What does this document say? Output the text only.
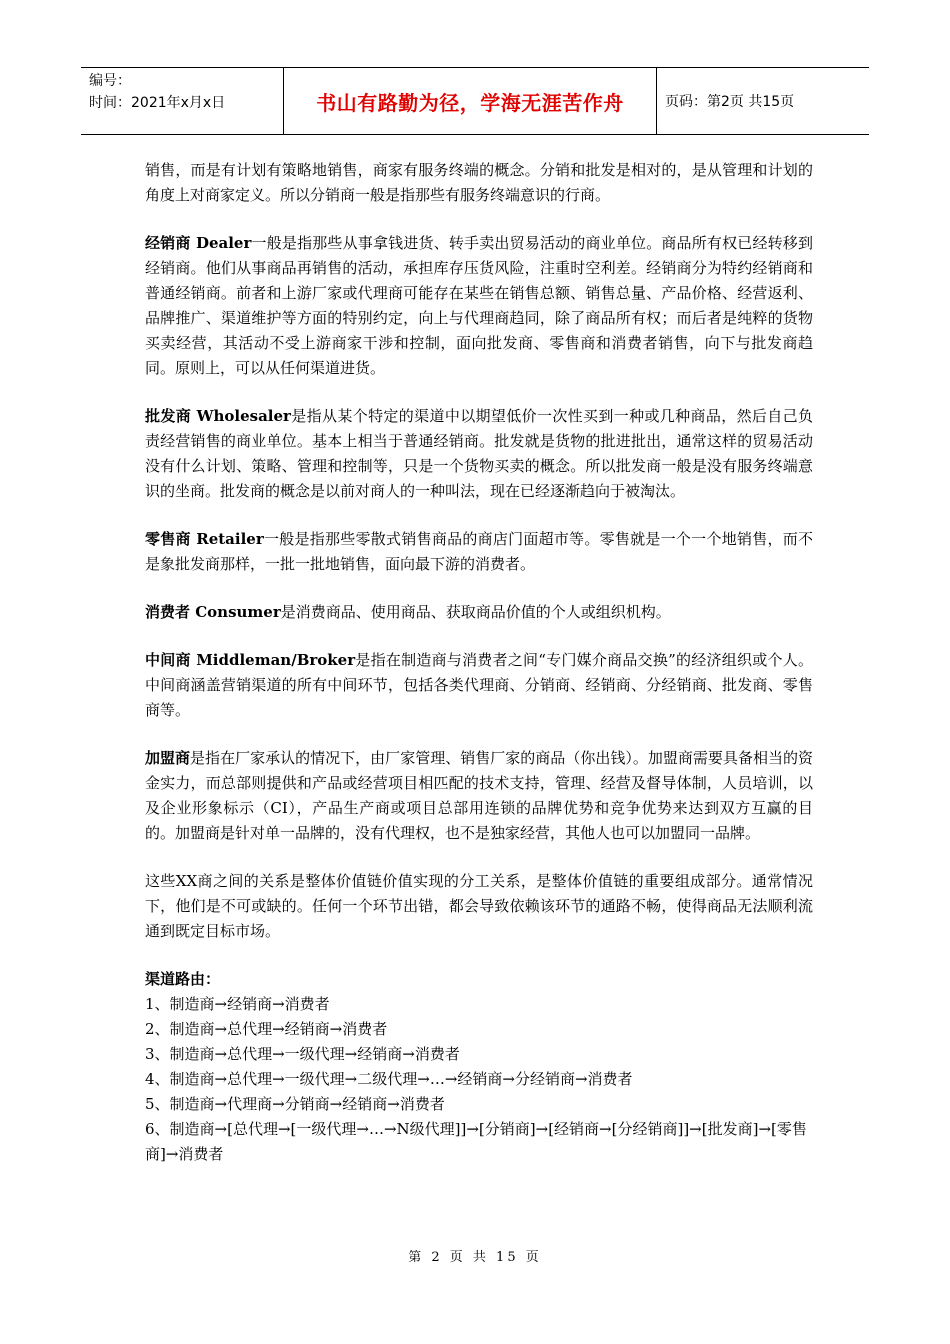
编号：
时间：2021年x月x日	书山有路勤为径，学海无涯苦作舟	页码：第2页 共15页

销售，而是有计划有策略地销售，商家有服务终端的概念。分销和批发是相对的，是从管理和计划的角度上对商家定义。所以分销商一般是指那些有服务终端意识的行商。

经销商 Dealer一般是指那些从事拿钱进货、转手卖出贸易活动的商业单位。商品所有权已经转移到经销商。他们从事商品再销售的活动，承担库存压货风险，注重时空利差。经销商分为特约经销商和普通经销商。前者和上游厂家或代理商可能存在某些在销售总额、销售总量、产品价格、经营返利、品牌推广、渠道维护等方面的特别约定，向上与代理商趋同，除了商品所有权；而后者是纯粹的货物买卖经营，其活动不受上游商家干涉和控制，面向批发商、零售商和消费者销售，向下与批发商趋同。原则上，可以从任何渠道进货。

批发商 Wholesaler是指从某个特定的渠道中以期望低价一次性买到一种或几种商品，然后自己负责经营销售的商业单位。基本上相当于普通经销商。批发就是货物的批进批出，通常这样的贸易活动没有什么计划、策略、管理和控制等，只是一个货物买卖的概念。所以批发商一般是没有服务终端意识的坐商。批发商的概念是以前对商人的一种叫法，现在已经逐渐趋向于被淘汰。

零售商 Retailer一般是指那些零散式销售商品的商店门面超市等。零售就是一个一个地销售，而不是象批发商那样，一批一批地销售，面向最下游的消费者。

消费者 Consumer是消费商品、使用商品、获取商品价值的个人或组织机构。

中间商 Middleman/Broker是指在制造商与消费者之间“专门媒介商品交换”的经济组织或个人。中间商涵盖营销渠道的所有中间环节，包括各类代理商、分销商、经销商、分经销商、批发商、零售商等。

加盟商是指在厂家承认的情况下，由厂家管理、销售厂家的商品（你出钱）。加盟商需要具备相当的资金实力，而总部则提供和产品或经营项目相匹配的技术支持，管理、经营及督导体制，人员培训，以及企业形象标示（CI），产品生产商或项目总部用连锁的品牌优势和竞争优势来达到双方互赢的目的。加盟商是针对单一品牌的，没有代理权，也不是独家经营，其他人也可以加盟同一品牌。

这些XX商之间的关系是整体价值链价值实现的分工关系，是整体价值链的重要组成部分。通常情况下，他们是不可或缺的。任何一个环节出错，都会导致依赖该环节的通路不畅，使得商品无法顺利流通到既定目标市场。

渠道路由：

1、制造商→经销商→消费者

2、制造商→总代理→经销商→消费者

3、制造商→总代理→一级代理→经销商→消费者

4、制造商→总代理→一级代理→二级代理→…→经销商→分经销商→消费者

5、制造商→代理商→分销商→经销商→消费者

6、制造商→[总代理→[一级代理→…→N级代理]]→[分销商]→[经销商→[分经销商]]→[批发商]→[零售商]→消费者

第 2 页 共 15 页
